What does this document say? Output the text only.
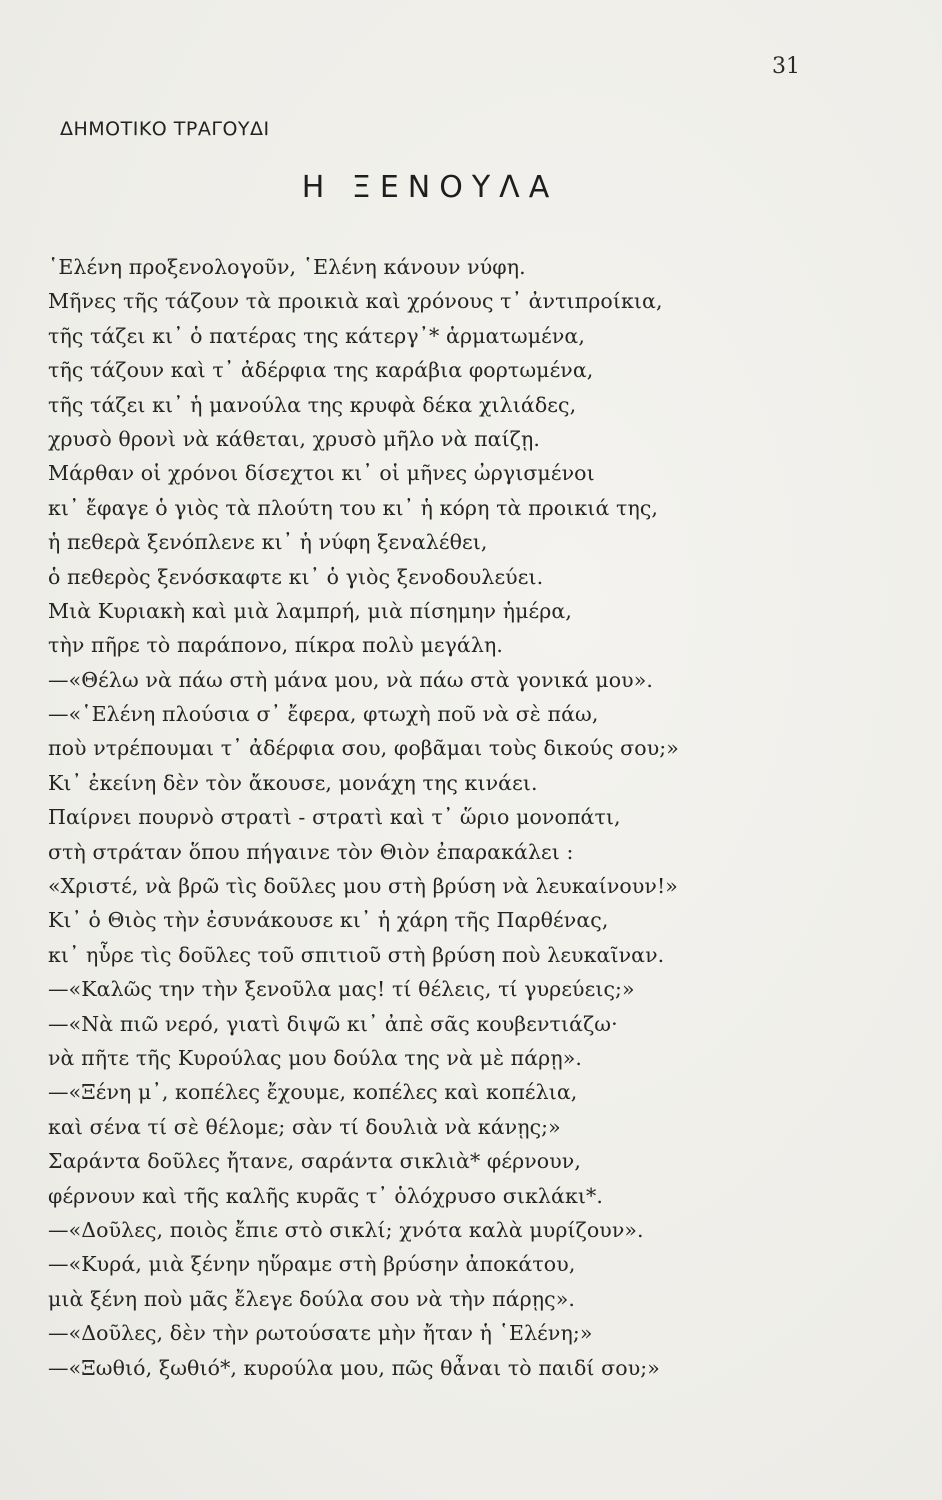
31
ΔΗΜΟΤΙΚΟ ΤΡΑΓΟΥΔΙ
Η ΞΕΝΟΥΛΑ
῾Ελένη προξενολογοῦν, ῾Ελένη κάνουν νύφη.
Μῆνες τῆς τάζουν τὰ προικιὰ καὶ χρόνους τ᾽ ἀντιπροίκια,
τῆς τάζει κι᾽ ὁ πατέρας της κάτεργ᾽* ἁρματωμένα,
τῆς τάζουν καὶ τ᾽ ἀδέρφια της καράβια φορτωμένα,
τῆς τάζει κι᾽ ἡ μανούλα της κρυφὰ δέκα χιλιάδες,
χρυσὸ θρονὶ νὰ κάθεται, χρυσὸ μῆλο νὰ παίζῃ.
Μάρθαν οἱ χρόνοι δίσεχτοι κι᾽ οἱ μῆνες ὠργισμένοι
κι᾽ ἔφαγε ὁ γιὸς τὰ πλούτη του κι᾽ ἡ κόρη τὰ προικιά της,
ἡ πεθερὰ ξενόπλενε κι᾽ ἡ νύφη ξεναλέθει,
ὁ πεθερὸς ξενόσκαφτε κι᾽ ὁ γιὸς ξενοδουλεύει.
Μιὰ Κυριακὴ καὶ μιὰ λαμπρή, μιὰ πίσημην ἡμέρα,
τὴν πῆρε τὸ παράπονο, πίκρα πολὺ μεγάλη.
—«Θέλω νὰ πάω στὴ μάνα μου, νὰ πάω στὰ γονικά μου».
—«῾Ελένη πλούσια σ᾽ ἔφερα, φτωχὴ ποῦ νὰ σὲ πάω,
ποὺ ντρέπουμαι τ᾽ ἀδέρφια σου, φοβᾶμαι τοὺς δικούς σου;»
Κι᾽ ἐκείνη δὲν τὸν ἄκουσε, μονάχη της κινάει.
Παίρνει πουρνὸ στρατὶ - στρατὶ καὶ τ᾽ ὥριο μονοπάτι,
στὴ στράταν ὅπου πήγαινε τὸν Θιὸν ἐπαρακάλει :
«Χριστέ, νὰ βρῶ τὶς δοῦλες μου στὴ βρύση νὰ λευκαίνουν!»
Κι᾽ ὁ Θιὸς τὴν ἐσυνάκουσε κι᾽ ἡ χάρη τῆς Παρθένας,
κι᾽ ηὗρε τὶς δοῦλες τοῦ σπιτιοῦ στὴ βρύση ποὺ λευκαῖναν.
—«Καλῶς την τὴν ξενοῦλα μας! τί θέλεις, τί γυρεύεις;»
—«Νὰ πιῶ νερό, γιατὶ διψῶ κι᾽ ἀπὲ σᾶς κουβεντιάζω·
νὰ πῆτε τῆς Κυρούλας μου δούλα της νὰ μὲ πάρῃ».
—«Ξένη μ᾽, κοπέλες ἔχουμε, κοπέλες καὶ κοπέλια,
καὶ σένα τί σὲ θέλομε; σὰν τί δουλιὰ νὰ κάνῃς;»
Σαράντα δοῦλες ἤτανε, σαράντα σικλιὰ* φέρνουν,
φέρνουν καὶ τῆς καλῆς κυρᾶς τ᾽ ὁλόχρυσο σικλάκι*.
—«Δοῦλες, ποιὸς ἔπιε στὸ σικλί; χνότα καλὰ μυρίζουν».
—«Κυρά, μιὰ ξένην ηὕραμε στὴ βρύσην ἀποκάτου,
μιὰ ξένη ποὺ μᾶς ἔλεγε δούλα σου νὰ τὴν πάρῃς».
—«Δοῦλες, δὲν τὴν ρωτούσατε μὴν ἤταν ἡ ῾Ελένη;»
—«Ξωθιό, ξωθιό*, κυρούλα μου, πῶς θἆναι τὸ παιδί σου;»
